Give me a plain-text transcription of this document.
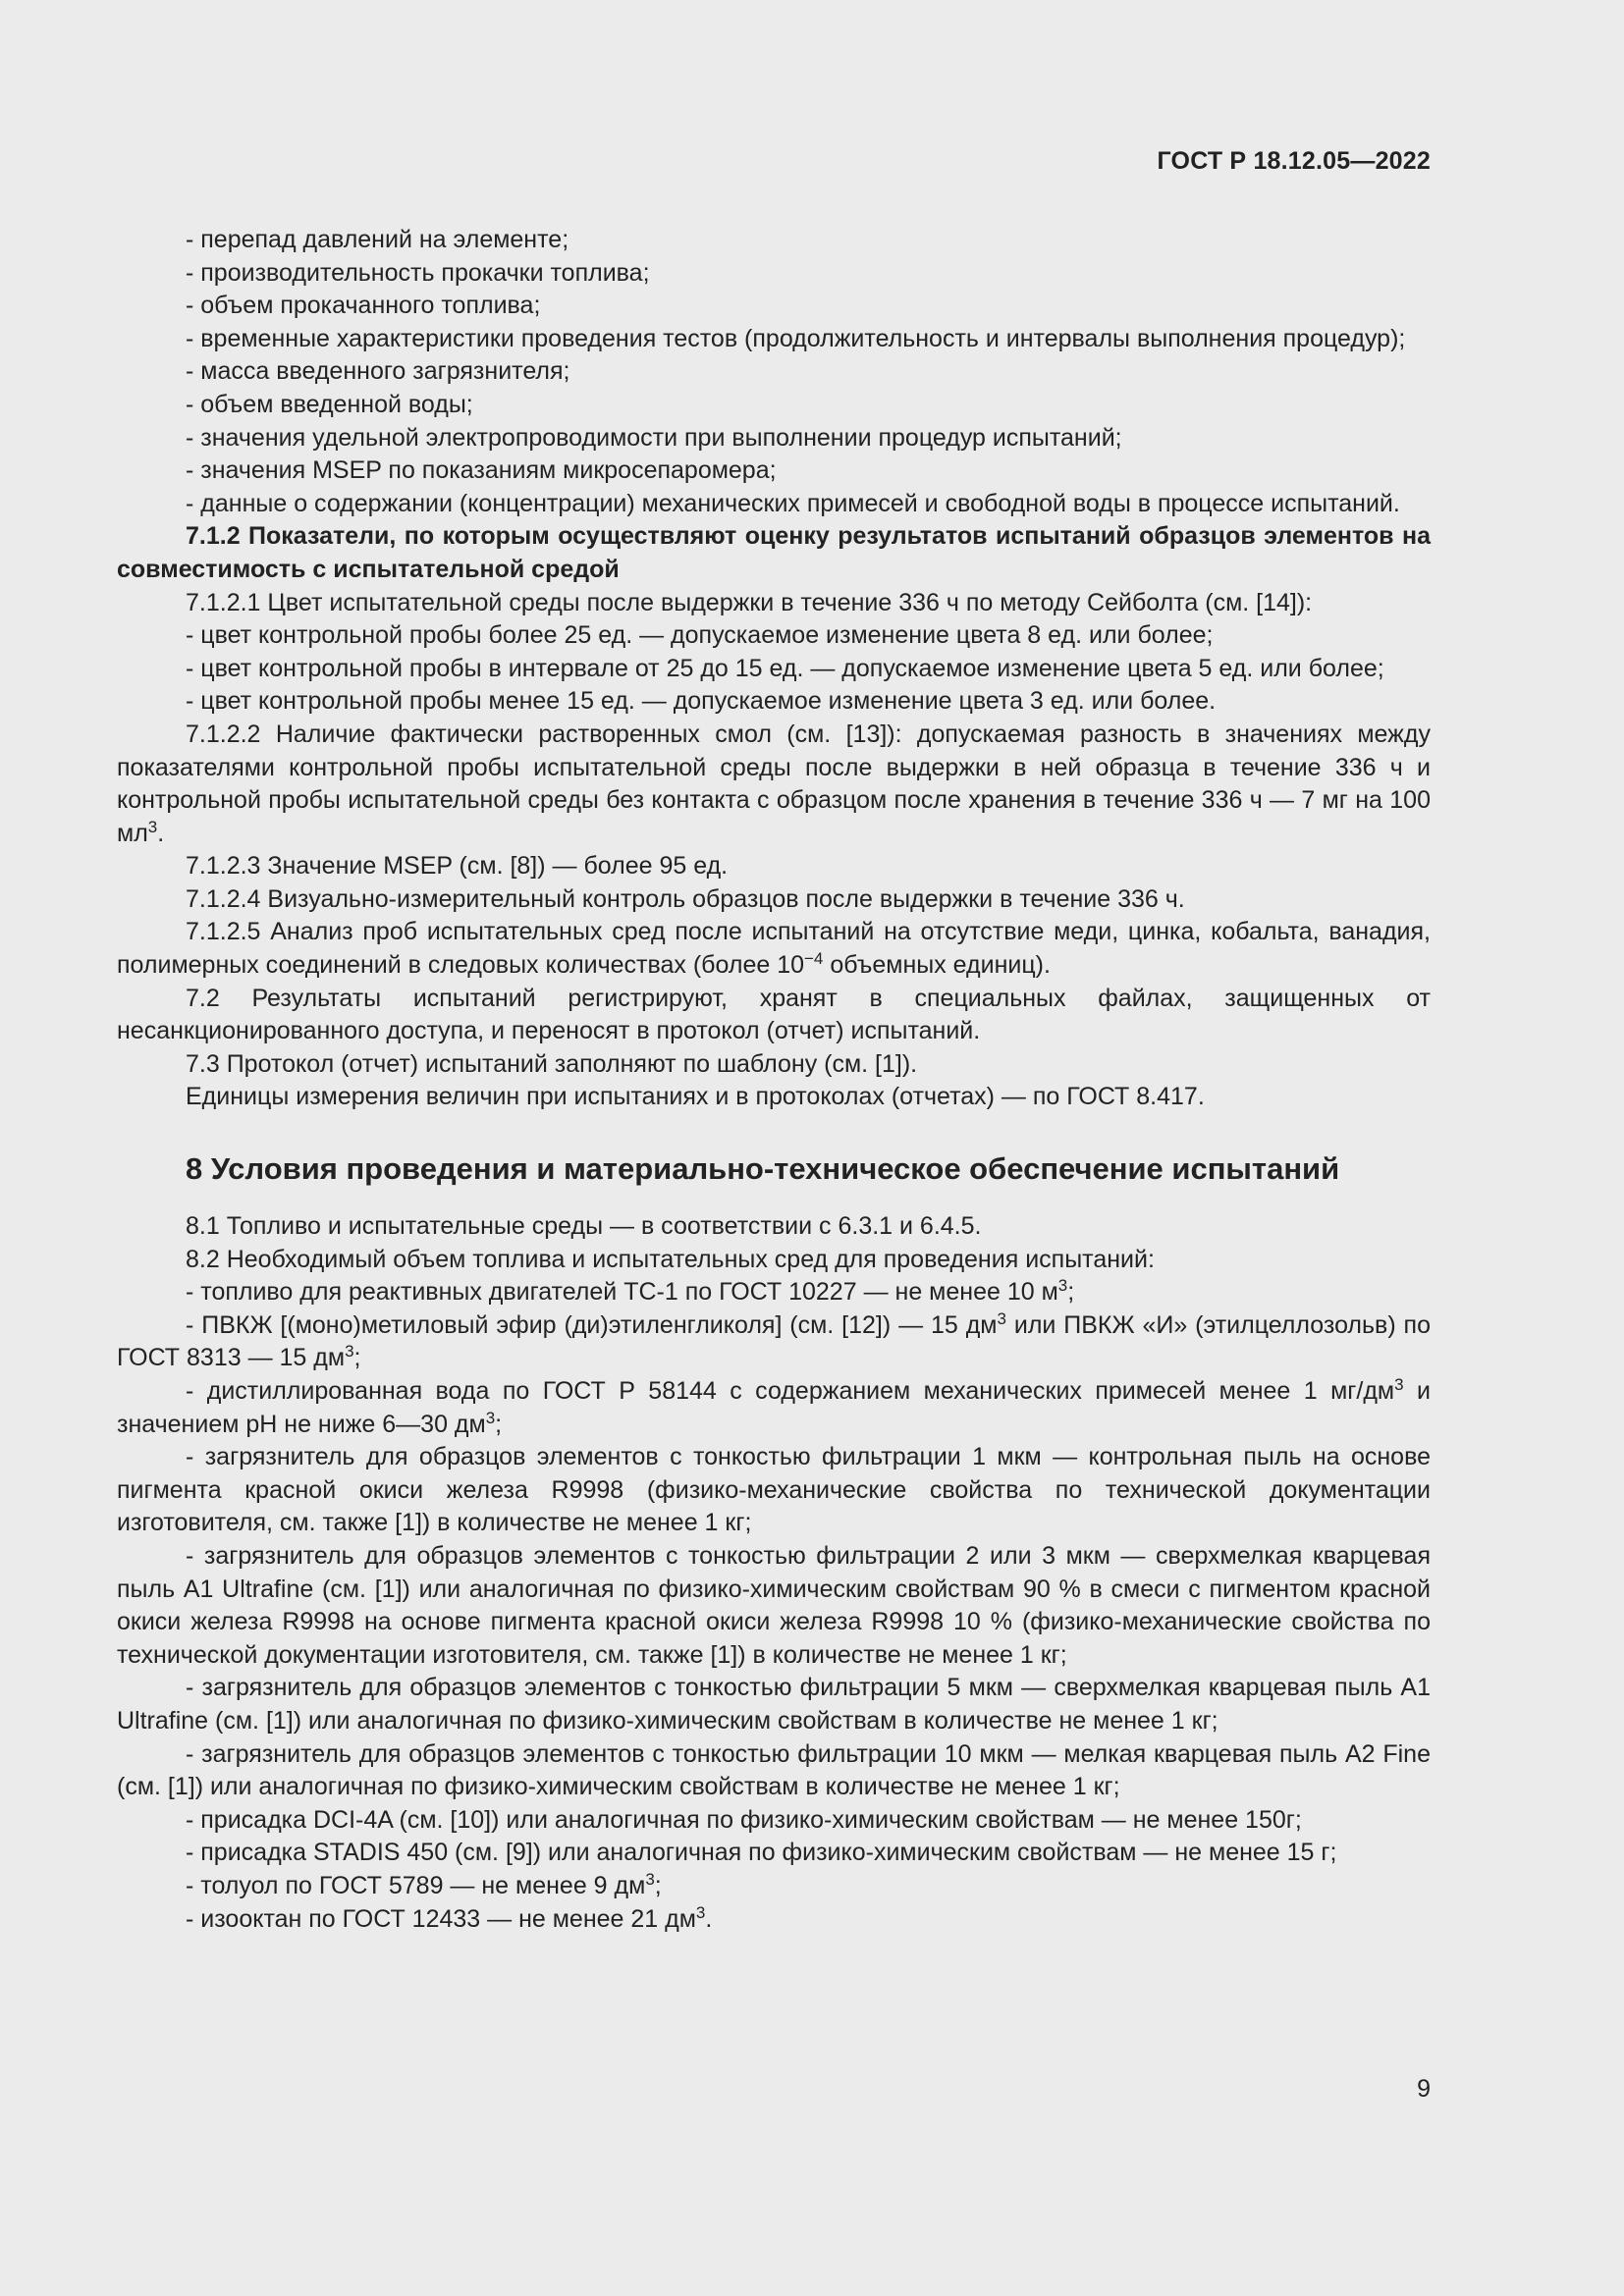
ГОСТ Р 18.12.05—2022

- перепад давлений на элементе;

- производительность прокачки топлива;

- объем прокачанного топлива;

- временные характеристики проведения тестов (продолжительность и интервалы выполнения процедур);

- масса введенного загрязнителя;

- объем введенной воды;

- значения удельной электропроводимости при выполнении процедур испытаний;

- значения MSEP по показаниям микросепаромера;

- данные о содержании (концентрации) механических примесей и свободной воды в процессе испытаний.

7.1.2 Показатели, по которым осуществляют оценку результатов испытаний образцов элементов на совместимость с испытательной средой

7.1.2.1 Цвет испытательной среды после выдержки в течение 336 ч по методу Сейболта (см. [14]):

- цвет контрольной пробы более 25 ед. — допускаемое изменение цвета 8 ед. или более;

- цвет контрольной пробы в интервале от 25 до 15 ед. — допускаемое изменение цвета 5 ед. или более;

- цвет контрольной пробы менее 15 ед. — допускаемое изменение цвета 3 ед. или более.

7.1.2.2 Наличие фактически растворенных смол (см. [13]): допускаемая разность в значениях между показателями контрольной пробы испытательной среды после выдержки в ней образца в течение 336 ч и контрольной пробы испытательной среды без контакта с образцом после хранения в течение 336 ч — 7 мг на 100 $мл^3$.

7.1.2.3 Значение MSEP (см. [8]) — более 95 ед.

7.1.2.4 Визуально-измерительный контроль образцов после выдержки в течение 336 ч.

7.1.2.5 Анализ проб испытательных сред после испытаний на отсутствие меди, цинка, кобальта, ванадия, полимерных соединений в следовых количествах (более $10^{-4}$ объемных единиц).

7.2 Результаты испытаний регистрируют, хранят в специальных файлах, защищенных от несанкционированного доступа, и переносят в протокол (отчет) испытаний.

7.3 Протокол (отчет) испытаний заполняют по шаблону (см. [1]).

Единицы измерения величин при испытаниях и в протоколах (отчетах) — по ГОСТ 8.417.

8 Условия проведения и материально-техническое обеспечение испытаний

8.1 Топливо и испытательные среды — в соответствии с 6.3.1 и 6.4.5.

8.2 Необходимый объем топлива и испытательных сред для проведения испытаний:

- топливо для реактивных двигателей ТС-1 по ГОСТ 10227 — не менее 10 $м^3$;

- ПВКЖ [(моно)метиловый эфир (ди)этиленгликоля] (см. [12]) — 15 $дм^3$ или ПВКЖ «И» (этилцеллозольв) по ГОСТ 8313 — 15 $дм^3$;

- дистиллированная вода по ГОСТ Р 58144 с содержанием механических примесей менее 1 $мг/дм^3$ и значением pH не ниже 6—30 $дм^3$;

- загрязнитель для образцов элементов с тонкостью фильтрации 1 мкм — контрольная пыль на основе пигмента красной окиси железа R9998 (физико-механические свойства по технической документации изготовителя, см. также [1]) в количестве не менее 1 кг;

- загрязнитель для образцов элементов с тонкостью фильтрации 2 или 3 мкм — сверхмелкая кварцевая пыль A1 Ultrafine (см. [1]) или аналогичная по физико-химическим свойствам 90 % в смеси с пигментом красной окиси железа R9998 на основе пигмента красной окиси железа R9998 10 % (физико-механические свойства по технической документации изготовителя, см. также [1]) в количестве не менее 1 кг;

- загрязнитель для образцов элементов с тонкостью фильтрации 5 мкм — сверхмелкая кварцевая пыль A1 Ultrafine (см. [1]) или аналогичная по физико-химическим свойствам в количестве не менее 1 кг;

- загрязнитель для образцов элементов с тонкостью фильтрации 10 мкм — мелкая кварцевая пыль A2 Fine (см. [1]) или аналогичная по физико-химическим свойствам в количестве не менее 1 кг;

- присадка DCI-4A (см. [10]) или аналогичная по физико-химическим свойствам — не менее 150г;

- присадка STADIS 450 (см. [9]) или аналогичная по физико-химическим свойствам — не менее 15 г;

- толуол по ГОСТ 5789 — не менее 9 $дм^3$;

- изооктан по ГОСТ 12433 — не менее 21 $дм^3$.

9
